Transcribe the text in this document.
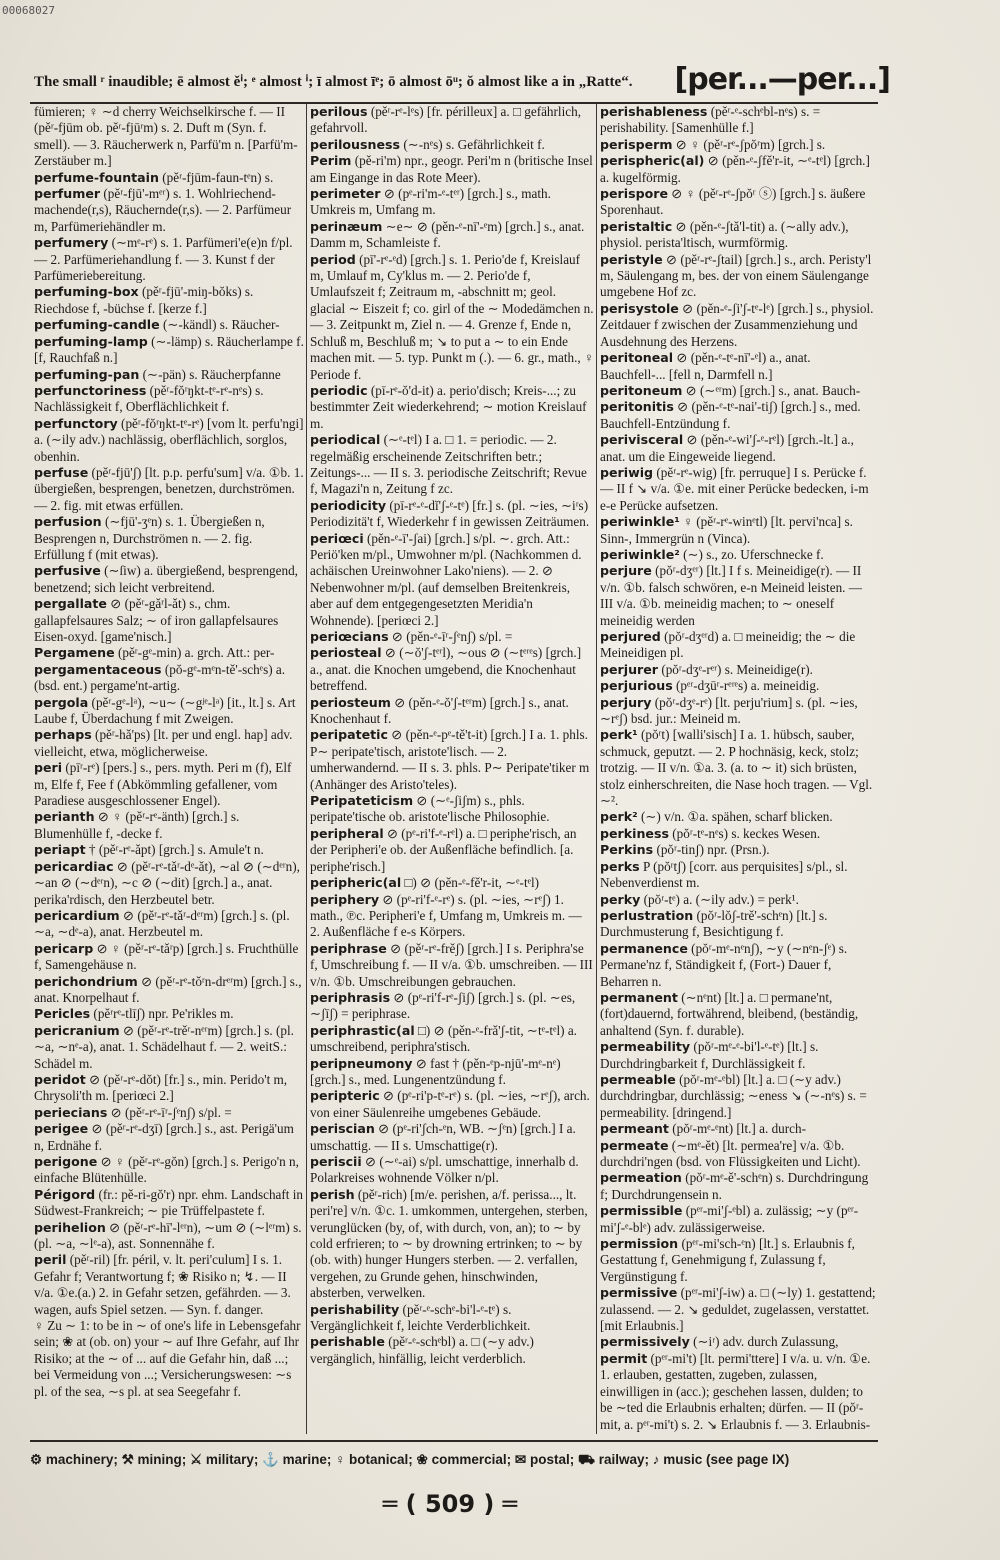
00068027
The small ʳ inaudible; ē almost ěⁱ; ᵉ almost ⁱ; ī almost īᵉ; ō almost ōᵘ; ŏ almost like a in „Ratte“. [per...—per...]
fümieren; ♀ ∼d cherry Weichselkirsche f. — II (pěʳ-fjūm ob. pěʳ-fjūʳm) s. 2. Duft m (Syn. f. smell). — 3. Räucherwerk n, Parfü'm n. [Parfü'm-Zerstäuber m.]
perfume-fountain (pěʳ-fjūm-faun-tᵉn) s.
perfumer (pěʳ-fjū'-mᵉʳ) s. 1. Wohlriechend-machende(r,s), Räuchernde(r,s). — 2. Parfümeur m, Parfümeriehändler m.
perfumery (∼mᵉ-rᵉ) s. 1. Parfümeri'e(e)n f/pl. — 2. Parfümeriehandlung f. — 3. Kunst f der Parfümeriebereitung.
perfuming-box (pěʳ-fjū'-miŋ-bŏks) s. Riechdose f, -büchse f. [kerze f.]
perfuming-candle (∼-kändl) s. Räucher-
perfuming-lamp (∼-lämp) s. Räucherlampe f. [f, Rauchfaß n.]
perfuming-pan (∼-pän) s. Räucherpfanne
perfunctoriness (pěʳ-fŏʳŋkt-tᵉ-rᵉ-nᵉs) s. Nachlässigkeit f, Oberflächlichkeit f.
perfunctory (pěʳ-fŏʳŋkt-tᵉ-rᵉ) [vom lt. perfu'ngi] a. (∼ily adv.) nachlässig, oberflächlich, sorglos, obenhin.
perfuse (pěʳ-fjū'ʃ) [lt. p.p. perfu'sum] v/a. ①b. 1. übergießen, besprengen, benetzen, durchströmen. — 2. fig. mit etwas erfüllen.
perfusion (∼fjū'-ʒᵉn) s. 1. Übergießen n, Besprengen n, Durchströmen n. — 2. fig. Erfüllung f (mit etwas).
perfusive (∼ſiw) a. übergießend, besprengend, benetzend; sich leicht verbreitend.
pergallate ⊘ (pěʳ-gǎʳl-ǎt) s., chm. gallapfelsaures Salz; ∼ of iron gallapfelsaures Eisen-oxyd. [game'nisch.]
Pergamene (pěʳ-gᵉ-min) a. grch. Att.: per-
pergamentaceous (pŏ-gᵉ-mᵉn-tě'-schᵉs) a. (bsd. ent.) pergame'nt-artig.
pergola (pěʳ-gᵉ-lᵃ), ∼u∼ (∼gʲᵉ-lᵃ) [it., lt.] s. Art Laube f, Überdachung f mit Zweigen.
perhaps (pěʳ-hǎ'ps) [lt. per und engl. hap] adv. vielleicht, etwa, möglicherweise.
peri (pīʳ-rᵉ) [pers.] s., pers. myth. Peri m (f), Elf m, Elfe f, Fee f (Abkömmling gefallener, vom Paradiese ausgeschlossener Engel).
perianth ⊘ ♀ (pěʳ-rᵉ-änth) [grch.] s. Blumenhülle f, -decke f.
periapt † (pěʳ-rᵉ-ǎpt) [grch.] s. Amule't n.
pericardiac ⊘ (pěʳ-rᵉ-tǎʳ-dᵉ-ǎt), ∼al ⊘ (∼dᵉʳn), ∼an ⊘ (∼dᵉʳn), ∼c ⊘ (∼dit) [grch.] a., anat. perika'rdisch, den Herzbeutel betr.
pericardium ⊘ (pěʳ-rᵉ-tǎʳ-dᵉʳm) [grch.] s. (pl. ∼a, ∼dᵉ-a), anat. Herzbeutel m.
pericarp ⊘ ♀ (pěʳ-rᵉ-tǎʳp) [grch.] s. Fruchthülle f, Samengehäuse n.
perichondrium ⊘ (pěʳ-rᵉ-tǒʳn-drᵉʳm) [grch.] s., anat. Knorpelhaut f.
Pericles (pěʳrᵉ-tlīʃ) npr. Pe'rikles m.
pericranium ⊘ (pěʳ-rᵉ-trěʳ-nᵉʳm) [grch.] s. (pl. ∼a, ∼nᵉ-a), anat. 1. Schädelhaut f. — 2. weitS.: Schädel m.
peridot ⊘ (pěʳ-rᵉ-dŏt) [fr.] s., min. Perido't m, Chrysoli'th m. [periœci 2.]
periecians ⊘ (pěʳ-rᵉ-īʳ-ʃᵉnʃ) s/pl. =
perigee ⊘ (pěʳ-rᵉ-dʒī) [grch.] s., ast. Perigä'um n, Erdnähe f.
perigone ⊘ ♀ (pěʳ-rᵉ-gŏn) [grch.] s. Perigo'n n, einfache Blütenhülle.
Périgord (fr.: pě-ri-gŏ'r) npr. ehm. Landschaft in Südwest-Frankreich; ∼ pie Trüffelpastete f.
perihelion ⊘ (pěʳ-rᵉ-hī'-lᵉʳn), ∼um ⊘ (∼lᵉʳm) s. (pl. ∼a, ∼lᵉ-a), ast. Sonnennähe f.
peril (pěʳ-ril) [fr. péril, v. lt. peri'culum] I s. 1. Gefahr f; Verantwortung f; ❀ Risiko n; ↯. — II v/a. ①e.(a.) 2. in Gefahr setzen, gefährden. — 3. wagen, aufs Spiel setzen. — Syn. f. danger.
♀ Zu ∼ 1: to be in ∼ of one's life in Lebensgefahr sein; ❀ at (ob. on) your ∼ auf Ihre Gefahr, auf Ihr Risiko; at the ∼ of ... auf die Gefahr hin, daß ...; bei Vermeidung von ...; Versicherungswesen: ∼s pl. of the sea, ∼s pl. at sea Seegefahr f.
perilous (pěʳ-rᵉ-lᵉs) [fr. périlleux] a. □ gefährlich, gefahrvoll.
perilousness (∼-nᵉs) s. Gefährlichkeit f.
Perim (pě-ri'm) npr., geogr. Peri'm n (britische Insel am Eingange in das Rote Meer).
perimeter ⊘ (pᵉ-ri'm-ᵉ-tᵉʳ) [grch.] s., math. Umkreis m, Umfang m.
perinæum ∼e∼ ⊘ (pěn-ᵉ-nī'-ᵉm) [grch.] s., anat. Damm m, Schamleiste f.
period (pī'-rᵉ-ᵉd) [grch.] s. 1. Perio'de f, Kreislauf m, Umlauf m, Cy'klus m. — 2. Perio'de f, Umlaufszeit f; Zeitraum m, -abschnitt m; geol. glacial ∼ Eiszeit f; co. girl of the ∼ Modedämchen n. — 3. Zeitpunkt m, Ziel n. — 4. Grenze f, Ende n, Schluß m, Beschluß m; ↘ to put a ∼ to ein Ende machen mit. — 5. typ. Punkt m (.). — 6. gr., math., ♀ Periode f.
periodic (pī-rᵉ-ŏ'd-it) a. perio'disch; Kreis-...; zu bestimmter Zeit wiederkehrend; ∼ motion Kreislauf m.
periodical (∼ᵉ-tᵉl) I a. □ 1. = periodic. — 2. regelmäßig erscheinende Zeitschriften betr.; Zeitungs-... — II s. 3. periodische Zeitschrift; Revue f, Magazi'n n, Zeitung f zc.
periodicity (pī-rᵉ-ᵉ-dĭ'ʃ-ᵉ-tᵉ) [fr.] s. (pl. ∼ies, ∼iʳs) Periodizitä't f, Wiederkehr f in gewissen Zeiträumen.
periœci (pěn-ᵉ-ī'-ʃai) [grch.] s/pl. ∼. grch. Att.: Periö'ken m/pl., Umwohner m/pl. (Nachkommen d. achäischen Ureinwohner Lako'niens). — 2. ⊘ Nebenwohner m/pl. (auf demselben Breitenkreis, aber auf dem entgegengesetzten Meridia'n Wohnende). [periœci 2.]
periœcians ⊘ (pěn-ᵉ-īʳ-ʃᵉnʃ) s/pl. =
periosteal ⊘ (∼ŏ'ʃ-tᵉʳl), ∼ous ⊘ (∼tᵉʳᵉs) [grch.] a., anat. die Knochen umgebend, die Knochenhaut betreffend.
periosteum ⊘ (pěn-ᵉ-ŏ'ʃ-tᵉʳm) [grch.] s., anat. Knochenhaut f.
peripatetic ⊘ (pěn-ᵉ-pᵉ-tě't-it) [grch.] I a. 1. phls. P∼ peripate'tisch, aristote'lisch. — 2. umherwandernd. — II s. 3. phls. P∼ Peripate'tiker m (Anhänger des Aristo'teles).
Peripateticism ⊘ (∼ᵉ-ʃiʃm) s., phls. peripate'tische ob. aristote'lische Philosophie.
peripheral ⊘ (pᵉ-ri'f-ᵉ-rᵉl) a. □ periphe'risch, an der Peripheri'e ob. der Außenfläche befindlich. [a. periphe'risch.]
peripheric(al □) ⊘ (pěn-ᵉ-fě'r-it, ∼ᵉ-tᵉl)
periphery ⊘ (pᵉ-ri'f-ᵉ-rᵉ) s. (pl. ∼ies, ∼rᵉʃ) 1. math., ℗c. Peripheri'e f, Umfang m, Umkreis m. — 2. Außenfläche f e-s Körpers.
periphrase ⊘ (pěʳ-rᵉ-frěʃ) [grch.] I s. Periphra'se f, Umschreibung f. — II v/a. ①b. umschreiben. — III v/n. ①b. Umschreibungen gebrauchen.
periphrasis ⊘ (pᵉ-ri'f-rᵉ-ʃiʃ) [grch.] s. (pl. ∼es, ∼ʃīʃ) = periphrase.
periphrastic(al □) ⊘ (pěn-ᵉ-frǎ'ʃ-tit, ∼tᵉ-tᵉl) a. umschreibend, periphra'stisch.
peripneumony ⊘ fast † (pěn-ᵉp-njū'-mᵉ-nᵉ) [grch.] s., med. Lungenentzündung f.
peripteric ⊘ (pᵉ-ri'p-tᵉ-rᵉ) s. (pl. ∼ies, ∼rᵉʃ), arch. von einer Säulenreihe umgebenes Gebäude.
periscian ⊘ (pᵉ-ri'ʃch-ᵉn, WB. ∼ʃᵉn) [grch.] I a. umschattig. — II s. Umschattige(r).
periscii ⊘ (∼ᵉ-ai) s/pl. umschattige, innerhalb d. Polarkreises wohnende Völker n/pl.
perish (pěʳ-rich) [m/e. perishen, a/f. perissa..., lt. peri're] v/n. ①c. 1. umkommen, untergehen, sterben, verunglücken (by, of, with durch, von, an); to ∼ by cold erfrieren; to ∼ by drowning ertrinken; to ∼ by (ob. with) hunger Hungers sterben. — 2. verfallen, vergehen, zu Grunde gehen, hinschwinden, absterben, verwelken.
perishability (pěʳ-ᵉ-schᵉ-bi'l-ᵉ-tᵉ) s. Vergänglichkeit f, leichte Verderblichkeit.
perishable (pěʳ-ᵉ-schᵉbl) a. □ (∼y adv.) vergänglich, hinfällig, leicht verderblich.
perishableness (pěʳ-ᵉ-schᵉbl-nᵉs) s. = perishability. [Samenhülle f.]
perisperm ⊘ ♀ (pěʳ-rᵉ-ʃpŏʳm) [grch.] s.
perispheric(al) ⊘ (pěn-ᵉ-ʃfě'r-it, ∼ᵉ-tᵉl) [grch.] a. kugelförmig.
perispore ⊘ ♀ (pěʳ-rᵉ-ʃpŏʳ ⓢ) [grch.] s. äußere Sporenhaut.
peristaltic ⊘ (pěn-ᵉ-ʃtǎ'l-tit) a. (∼ally adv.), physiol. perista'ltisch, wurmförmig.
peristyle ⊘ (pěʳ-rᵉ-ʃtail) [grch.] s., arch. Peristy'l m, Säulengang m, bes. der von einem Säulengange umgebene Hof zc.
perisystole ⊘ (pěn-ᵉ-ʃi'ʃ-tᵉ-lᵉ) [grch.] s., physiol. Zeitdauer f zwischen der Zusammenziehung und Ausdehnung des Herzens.
peritoneal ⊘ (pěn-ᵉ-tᵉ-nī'-ᵉl) a., anat. Bauchfell-... [fell n, Darmfell n.]
peritoneum ⊘ (∼ᵉʳm) [grch.] s., anat. Bauch-
peritonitis ⊘ (pěn-ᵉ-tᵉ-nai'-tiʃ) [grch.] s., med. Bauchfell-Entzündung f.
perivisceral ⊘ (pěn-ᵉ-wi'ʃ-ᵉ-rᵉl) [grch.-lt.] a., anat. um die Eingeweide liegend.
periwig (pěʳ-rᵉ-wig) [fr. perruque] I s. Perücke f. — II f ↘ v/a. ①e. mit einer Perücke bedecken, i-m e-e Perücke aufsetzen.
periwinkle¹ ♀ (pěʳ-rᵉ-winᵉtl) [lt. pervi'nca] s. Sinn-, Immergrün n (Vinca).
periwinkle² (∼) s., zo. Uferschnecke f.
perjure (pŏʳ-dʒᵉʳ) [lt.] I f s. Meineidige(r). — II v/n. ①b. falsch schwören, e-n Meineid leisten. — III v/a. ①b. meineidig machen; to ∼ oneself meineidig werden
perjured (pŏʳ-dʒᵉʳd) a. □ meineidig; the ∼ die Meineidigen pl.
perjurer (pŏʳ-dʒᵉ-rᵉʳ) s. Meineidige(r).
perjurious (pᵉʳ-dʒūʳ-rᵉʳᵉs) a. meineidig.
perjury (pŏʳ-dʒᵉ-rᵉ) [lt. perju'rium] s. (pl. ∼ies, ∼rᵉʃ) bsd. jur.: Meineid m.
perk¹ (pŏʳt) [walli'sisch] I a. 1. hübsch, sauber, schmuck, geputzt. — 2. P hochnäsig, keck, stolz; trotzig. — II v/n. ①a. 3. (a. to ∼ it) sich brüsten, stolz einherschreiten, die Nase hoch tragen. — Vgl. ∼².
perk² (∼) v/n. ①a. spähen, scharf blicken.
perkiness (pŏʳ-tᵉ-nᵉs) s. keckes Wesen.
Perkins (pŏʳ-tinʃ) npr. (Prsn.).
perks P (pŏʳtʃ) [corr. aus perquisites] s/pl., sl. Nebenverdienst m.
perky (pŏʳ-tᵉ) a. (∼ily adv.) = perk¹.
perlustration (pŏʳ-lŏʃ-trě'-schᵉn) [lt.] s. Durchmusterung f, Besichtigung f.
permanence (pŏʳ-mᵉ-nᵉnʃ), ∼y (∼nᵉn-ʃᵉ) s. Permane'nz f, Ständigkeit f, (Fort-) Dauer f, Beharren n.
permanent (∼nᵉnt) [lt.] a. □ permane'nt, (fort)dauernd, fortwährend, bleibend, (beständig, anhaltend (Syn. f. durable).
permeability (pŏʳ-mᵉ-ᵉ-bi'l-ᵉ-tᵉ) [lt.] s. Durchdringbarkeit f, Durchlässigkeit f.
permeable (pŏʳ-mᵉ-ᵉbl) [lt.] a. □ (∼y adv.) durchdringbar, durchlässig; ∼eness ↘ (∼-nᵉs) s. = permeability. [dringend.]
permeant (pŏʳ-mᵉ-ᵉnt) [lt.] a. durch-
permeate (∼mᵉ-ět) [lt. permea're] v/a. ①b. durchdri'ngen (bsd. von Flüssigkeiten und Licht).
permeation (pŏʳ-mᵉ-ě'-schᵉn) s. Durchdringung f; Durchdrungensein n.
permissible (pᵉʳ-mi'ʃ-ᵉbl) a. zulässig; ∼y (pᵉʳ-mi'ʃ-ᵉ-blᵉ) adv. zulässigerweise.
permission (pᵉʳ-mi'sch-ᵉn) [lt.] s. Erlaubnis f, Gestattung f, Genehmigung f, Zulassung f, Vergünstigung f.
permissive (pᵉʳ-mi'ʃ-iw) a. □ (∼ly) 1. gestattend; zulassend. — 2. ↘ geduldet, zugelassen, verstattet. [mit Erlaubnis.]
permissively (∼iʳ) adv. durch Zulassung,
permit (pᵉʳ-mi't) [lt. permi'ttere] I v/a. u. v/n. ①e. 1. erlauben, gestatten, zugeben, zulassen, einwilligen in (acc.); geschehen lassen, dulden; to be ∼ted die Erlaubnis erhalten; dürfen. — II (pŏʳ-mit, a. pᵉʳ-mi't) s. 2. ↘ Erlaubnis f. — 3. Erlaubnis-
⚙ machinery; ⚒ mining; ⚔ military; ⚓ marine; ♀ botanical; ❀ commercial; ✉ postal; ⛟ railway; ♪ music (see page IX)
═ ( 509 ) ═
